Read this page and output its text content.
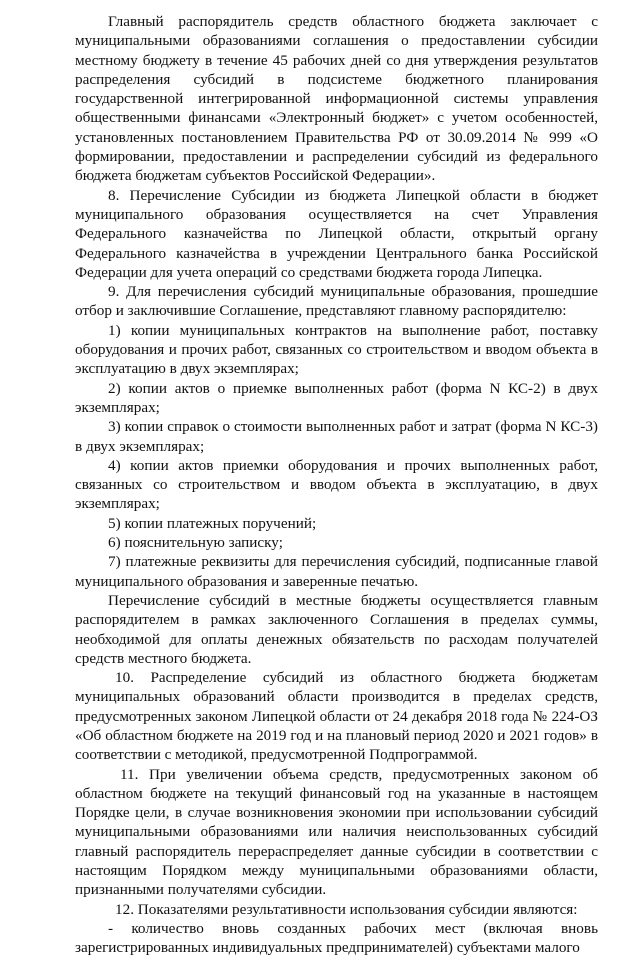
Главный распорядитель средств областного бюджета заключает с муниципальными образованиями соглашения о предоставлении субсидии местному бюджету в течение 45 рабочих дней со дня утверждения результатов распределения субсидий в подсистеме бюджетного планирования государственной интегрированной информационной системы управления общественными финансами «Электронный бюджет» с учетом особенностей, установленных постановлением Правительства РФ от 30.09.2014 № 999 «О формировании, предоставлении и распределении субсидий из федерального бюджета бюджетам субъектов Российской Федерации».

8. Перечисление Субсидии из бюджета Липецкой области в бюджет муниципального образования осуществляется на счет Управления Федерального казначейства по Липецкой области, открытый органу Федерального казначейства в учреждении Центрального банка Российской Федерации для учета операций со средствами бюджета города Липецка.

9. Для перечисления субсидий муниципальные образования, прошедшие отбор и заключившие Соглашение, представляют главному распорядителю:

1) копии муниципальных контрактов на выполнение работ, поставку оборудования и прочих работ, связанных со строительством и вводом объекта в эксплуатацию в двух экземплярах;

2) копии актов о приемке выполненных работ (форма N КС-2) в двух экземплярах;

3) копии справок о стоимости выполненных работ и затрат (форма N КС-3) в двух экземплярах;

4) копии актов приемки оборудования и прочих выполненных работ, связанных со строительством и вводом объекта в эксплуатацию, в двух экземплярах;

5) копии платежных поручений;

6) пояснительную записку;

7) платежные реквизиты для перечисления субсидий, подписанные главой муниципального образования и заверенные печатью.

Перечисление субсидий в местные бюджеты осуществляется главным распорядителем в рамках заключенного Соглашения в пределах суммы, необходимой для оплаты денежных обязательств по расходам получателей средств местного бюджета.

10. Распределение субсидий из областного бюджета бюджетам муниципальных образований области производится в пределах средств, предусмотренных законом Липецкой области от 24 декабря 2018 года № 224-ОЗ «Об областном бюджете на 2019 год и на плановый период 2020 и 2021 годов» в соответствии с методикой, предусмотренной Подпрограммой.

11. При увеличении объема средств, предусмотренных законом об областном бюджете на текущий финансовый год на указанные в настоящем Порядке цели, в случае возникновения экономии при использовании субсидий муниципальными образованиями или наличия неиспользованных субсидий главный распорядитель перераспределяет данные субсидии в соответствии с настоящим Порядком между муниципальными образованиями области, признанными получателями субсидии.

12. Показателями результативности использования субсидии являются:

- количество вновь созданных рабочих мест (включая вновь зарегистрированных индивидуальных предпринимателей) субъектами малого
